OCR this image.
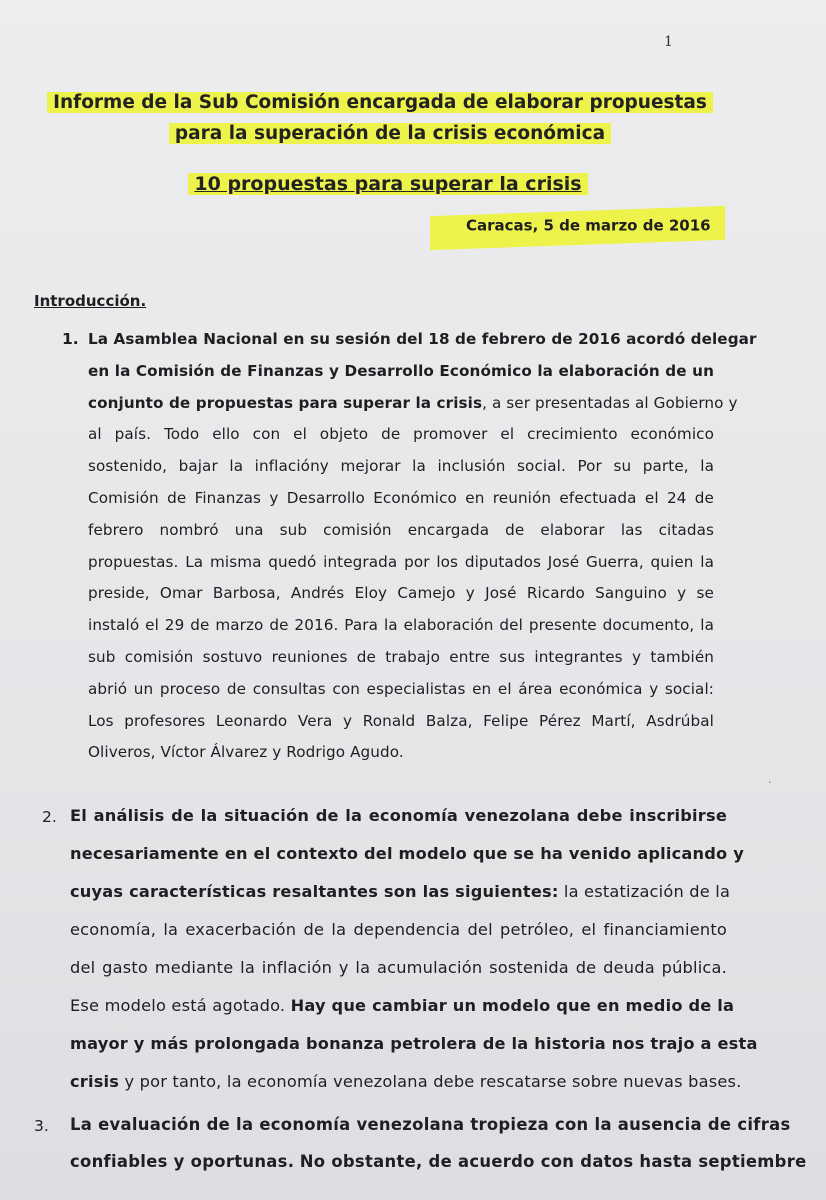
1
Informe de la Sub Comisión encargada de elaborar propuestas
para la superación de la crisis económica
10 propuestas para superar la crisis
Caracas, 5 de marzo de 2016
Introducción.
1. La Asamblea Nacional en su sesión del 18 de febrero de 2016 acordó delegar
en la Comisión de Finanzas y Desarrollo Económico la elaboración de un
conjunto de propuestas para superar la crisis, a ser presentadas al Gobierno y
al país. Todo ello con el objeto de promover el crecimiento económico
sostenido, bajar la inflacióny mejorar la inclusión social. Por su parte, la
Comisión de Finanzas y Desarrollo Económico en reunión efectuada el 24 de
febrero nombró una sub comisión encargada de elaborar las citadas
propuestas. La misma quedó integrada por los diputados José Guerra, quien la
preside, Omar Barbosa, Andrés Eloy Camejo y José Ricardo Sanguino y se
instaló el 29 de marzo de 2016. Para la elaboración del presente documento, la
sub comisión sostuvo reuniones de trabajo entre sus integrantes y también
abrió un proceso de consultas con especialistas en el área económica y social:
Los profesores Leonardo Vera y Ronald Balza, Felipe Pérez Martí, Asdrúbal
Oliveros, Víctor Álvarez y Rodrigo Agudo.
2. El análisis de la situación de la economía venezolana debe inscribirse
necesariamente en el contexto del modelo que se ha venido aplicando y
cuyas características resaltantes son las siguientes: la estatización de la
economía, la exacerbación de la dependencia del petróleo, el financiamiento
del gasto mediante la inflación y la acumulación sostenida de deuda pública.
Ese modelo está agotado. Hay que cambiar un modelo que en medio de la
mayor y más prolongada bonanza petrolera de la historia nos trajo a esta
crisis y por tanto, la economía venezolana debe rescatarse sobre nuevas bases.
3. La evaluación de la economía venezolana tropieza con la ausencia de cifras
confiables y oportunas. No obstante, de acuerdo con datos hasta septiembre
·
